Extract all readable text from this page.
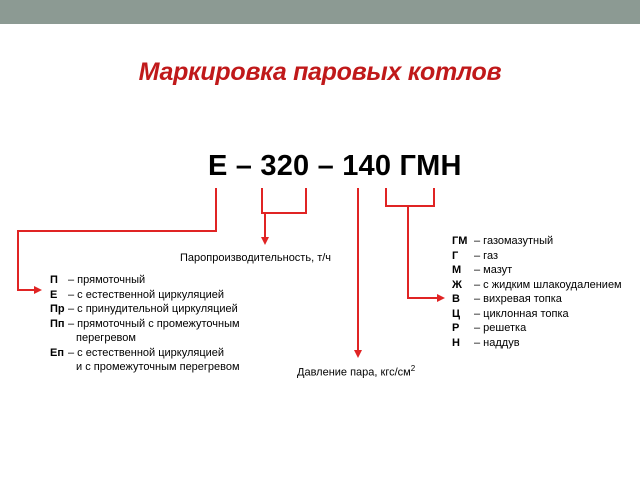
Маркировка паровых котлов
Е – 320 – 140 ГМН
Паропроизводительность, т/ч
Давление пара, кгс/$см^2$
П – прямоточный
Е – с естественной циркуляцией
Пр – с принудительной циркуляцией
Пп – прямоточный с промежуточным
перегревом
Еп – с естественной циркуляцией
и с промежуточным перегревом
ГМ – газомазутный
Г – газ
М – мазут
Ж – с жидким шлакоудалением
В – вихревая топка
Ц – циклонная топка
Р – решетка
Н – наддув
